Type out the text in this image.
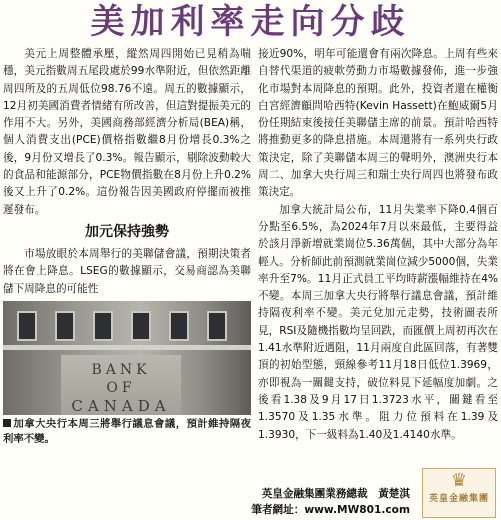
美加利率走向分歧

美元上周整體承壓，縱然周四開始已見稍為喘穩，美元指數周五尾段處於99水準附近，但依然距離周四所及的五周低位98.76不遠。周五的數據顯示，12月初美國消費者情緒有所改善，但這對提振美元的作用不大。另外，美國商務部經濟分析局(BEA)稱，個人消費支出(PCE)價格指數繼8月份增長0.3%之後，9月份又增長了0.3%。報告顯示，剔除波動較大的食品和能源部分，PCE物價指數在8月份上升0.2%後又上升了0.2%。這份報告因美國政府停擺而被推遲發布。

加元保持強勢

市場放眼於本周舉行的美聯儲會議，預期決策者將在會上降息。LSEG的數據顯示，交易商認為美聯儲下周降息的可能性

BANK
OF
CANADA
加拿大央行本周三將舉行議息會議，預計維持隔夜利率不變。

接近90%，明年可能還會有兩次降息。上周有些來自替代渠道的疲軟勞動力市場數據發佈，進一步強化市場對本周降息的預期。此外，投資者還在權衡白宮經濟顧問哈西特(Kevin Hassett)在鮑威爾5月份任期結束後接任美聯儲主席的前景。預計哈西特將推動更多的降息措施。本周還將有一系列央行政策決定，除了美聯儲本周三的聲明外，澳洲央行本周二、加拿大央行周三和瑞士央行周四也將發布政策決定。

加拿大統計局公布，11月失業率下降0.4個百分點至6.5%，為2024年7月以來最低，主要得益於該月淨新增就業崗位5.36萬個，其中大部分為年輕人。分析師此前預測就業崗位減少5000個，失業率升至7%。11月正式員工平均時薪漲幅維持在4%不變。本周三加拿大央行將舉行議息會議，預計維持隔夜利率不變。美元兌加元走勢，技術圖表所見，RSI及隨機指數均呈回跌，而匯價上周初再次在1.41水準附近遇阻，11月兩度自此區回落，有著雙頂的初始型態，頸線參考11月18日低位1.3969，亦即視為一關鍵支持，破位料見下延幅度加劇。之後看1.38及9月17日1.3723水平，關鍵看至1.3570及1.35水準。阻力位預料在1.39及1.3930，下一級料為1.40及1.4140水準。

英皇金融集團業務總裁　黃楚淇
筆者網址：www.MW801.com
♛
英皇金融集團
